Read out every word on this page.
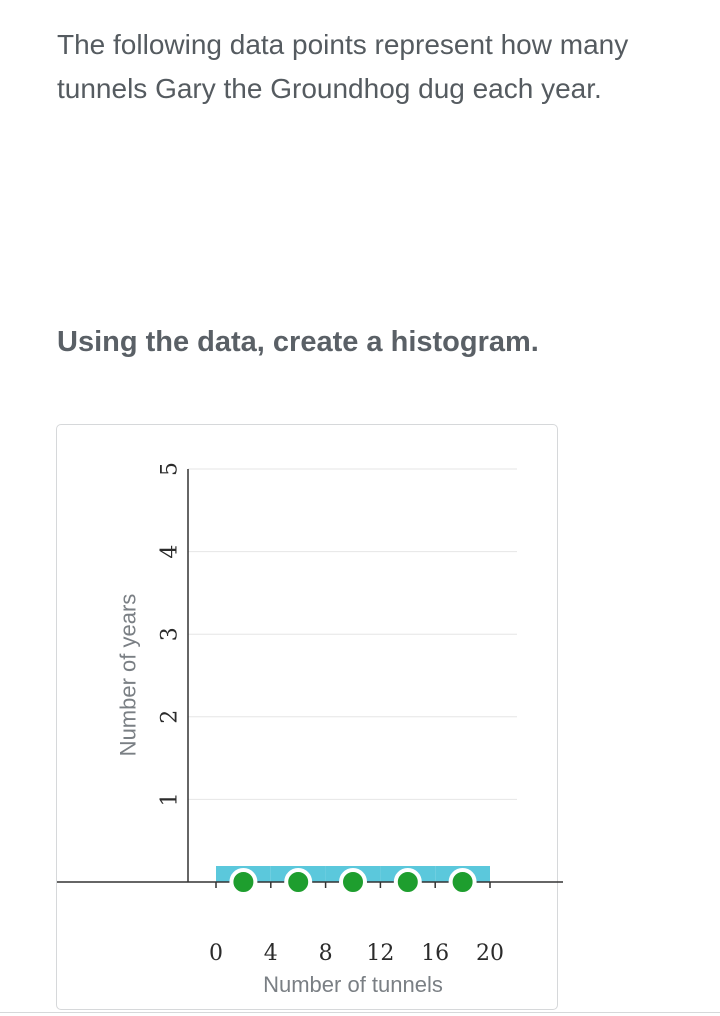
The following data points represent how many tunnels Gary the Groundhog dug each year.
Using the data, create a histogram.
0 4 8 12 16 20
1
2
3
4
5
Number of tunnels
Number of years
